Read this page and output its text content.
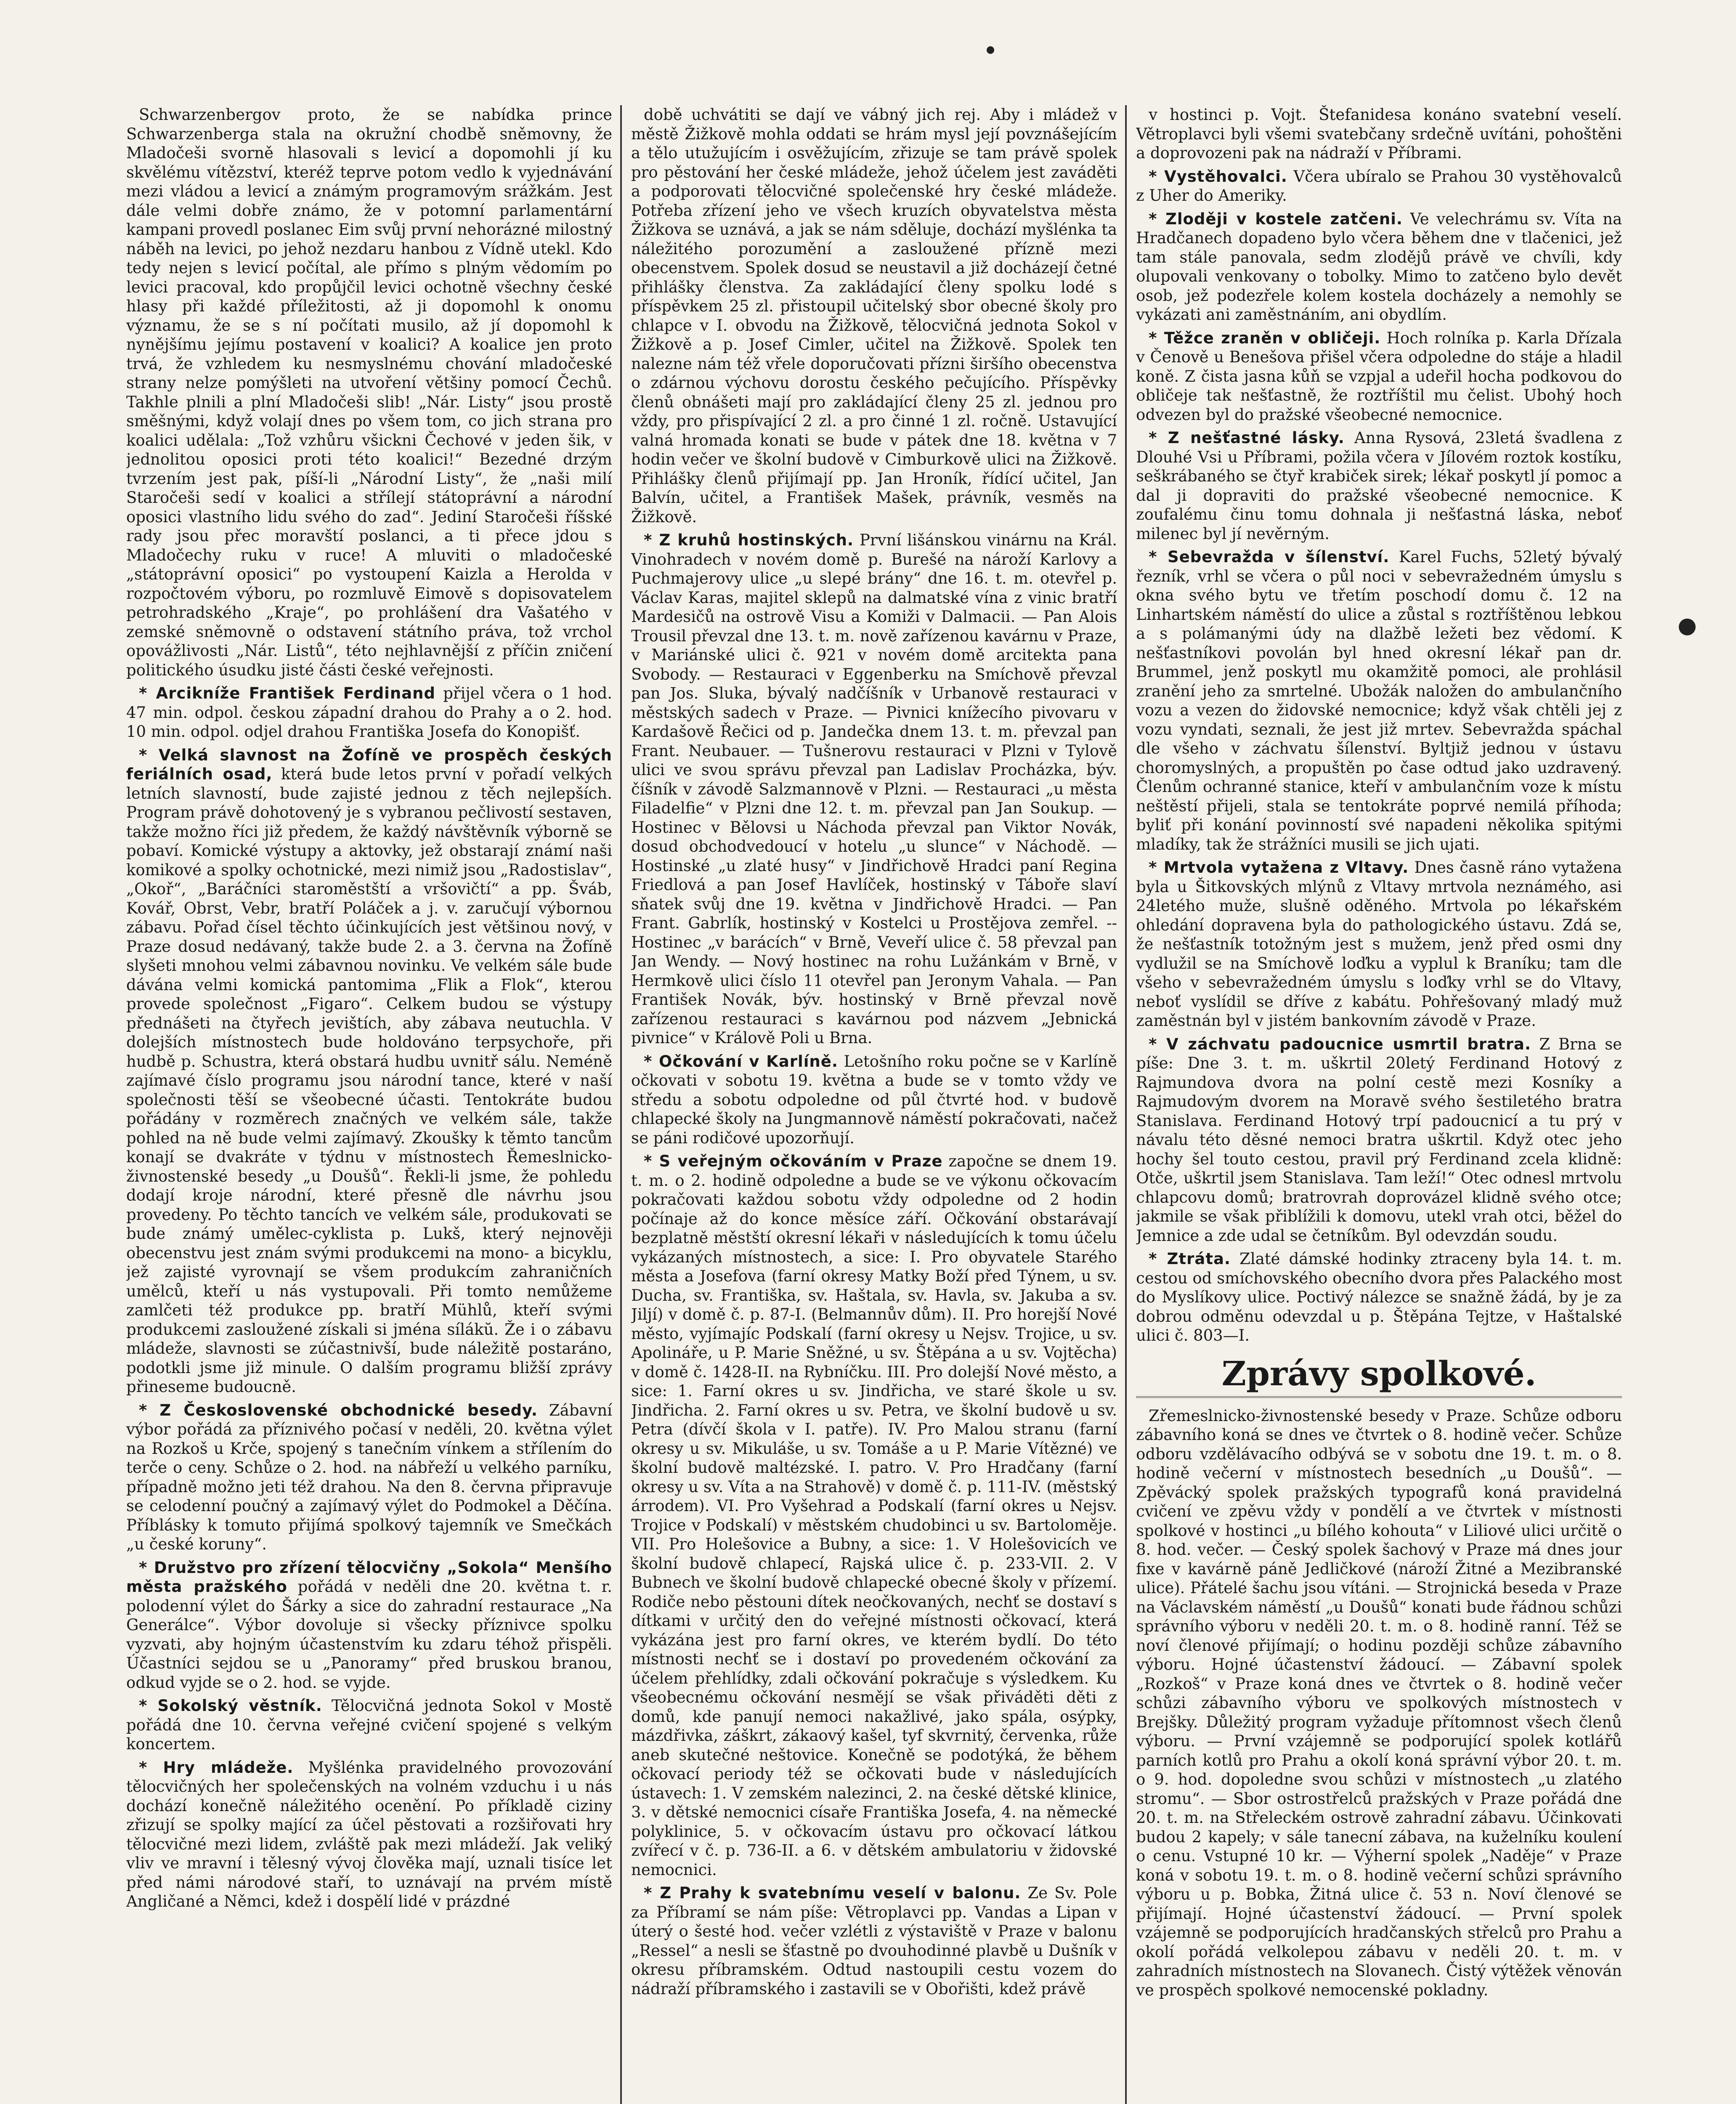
Schwarzenbergov proto, že se nabídka prince Schwarzenberga stala na okružní chodbě sněmovny, že Mladočeši svorně hlasovali s levicí a dopomohli jí ku skvělému vítězství, kteréž teprve potom vedlo k vyjednávání mezi vládou a levicí a známým programovým srážkám. Jest dále velmi dobře známo, že v potomní parlamentární kampani provedl poslanec Eim svůj první nehorázné milostný náběh na levici, po jehož nezdaru hanbou z Vídně utekl. Kdo tedy nejen s levicí počítal, ale přímo s plným vědomím po levici pracoval, kdo propůjčil levici ochotně všechny české hlasy při každé příležitosti, až ji dopomohl k onomu významu, že se s ní počítati musilo, až jí dopomohl k nynějšímu jejímu postavení v koalici? A koalice jen proto trvá, že vzhledem ku nesmyslnému chování mladočeské strany nelze pomýšleti na utvoření většiny pomocí Čechů. Takhle plnili a plní Mladočeši slib! „Nár. Listy“ jsou prostě směšnými, když volají dnes po všem tom, co jich strana pro koalici udělala: „Tož vzhůru všickni Čechové v jeden šik, v jednolitou oposici proti této koalici!“ Bezedné drzým tvrzením jest pak, píší-li „Národní Listy“, že „naši milí Staročeši sedí v koalici a střílejí státoprávní a národní oposici vlastního lidu svého do zad“. Jediní Staročeši říšské rady jsou přec moravští poslanci, a ti přece jdou s Mladočechy ruku v ruce! A mluviti o mladočeské „státoprávní oposici“ po vystoupení Kaizla a Herolda v rozpočtovém výboru, po rozmluvě Eimově s dopisovatelem petrohradského „Kraje“, po prohlášení dra Vašatého v zemské sněmovně o odstavení státního práva, tož vrchol opovážlivosti „Nár. Listů“, této nejhlavnější z příčin zničení politického úsudku jisté části české veřejnosti.

* Arcikníže František Ferdinand přijel včera o 1 hod. 47 min. odpol. českou západní drahou do Prahy a o 2. hod. 10 min. odpol. odjel drahou Františka Josefa do Konopišť.

* Velká slavnost na Žofíně ve prospěch českých feriálních osad, která bude letos první v pořadí velkých letních slavností, bude zajisté jednou z těch nejlepších. Program právě dohotovený je s vybranou pečlivostí sestaven, takže možno říci již předem, že každý návštěvník výborně se pobaví. Komické výstupy a aktovky, jež obstarají známí naši komikové a spolky ochotnické, mezi nimiž jsou „Radostislav“, „Okoř“, „Baráčníci staroměstští a vršovičtí“ a pp. Šváb, Kovář, Obrst, Vebr, bratří Poláček a j. v. zaručují výbornou zábavu. Pořad čísel těchto účinkujících jest většinou nový, v Praze dosud nedávaný, takže bude 2. a 3. června na Žofíně slyšeti mnohou velmi zábavnou novinku. Ve velkém sále bude dávána velmi komická pantomima „Flik a Flok“, kterou provede společnost „Figaro“. Celkem budou se výstupy přednášeti na čtyřech jevištích, aby zábava neutuchla. V dolejších místnostech bude holdováno terpsychoře, při hudbě p. Schustra, která obstará hudbu uvnitř sálu. Neméně zajímavé číslo programu jsou národní tance, které v naší společnosti těší se všeobecné účasti. Tentokráte budou pořádány v rozměrech značných ve velkém sále, takže pohled na ně bude velmi zajímavý. Zkoušky k těmto tancům konají se dvakráte v týdnu v místnostech Řemeslnicko-živnostenské besedy „u Doušů“. Řekli-li jsme, že pohledu dodají kroje národní, které přesně dle návrhu jsou provedeny. Po těchto tancích ve velkém sále, produkovati se bude známý umělec-cyklista p. Lukš, který nejnověji obecenstvu jest znám svými produkcemi na mono- a bicyklu, jež zajisté vyrovnají se všem produkcím zahraničních umělců, kteří u nás vystupovali. Při tomto nemůžeme zamlčeti též produkce pp. bratří Mühlů, kteří svými produkcemi zasloužené získali si jména sílákŭ. Že i o zábavu mládeže, slavnosti se zúčastnivší, bude náležitě postaráno, podotkli jsme již minule. O dalším programu bližší zprávy přineseme budoucně.

* Z Československé obchodnické besedy. Zábavní výbor pořádá za příznivého počasí v neděli, 20. května výlet na Rozkoš u Krče, spojený s tanečním vínkem a střílením do terče o ceny. Schůze o 2. hod. na nábřeží u velkého parníku, případně možno jeti též drahou. Na den 8. června připravuje se celodenní poučný a zajímavý výlet do Podmokel a Děčína. Příblásky k tomuto přijímá spolkový tajemník ve Smečkách „u české koruny“.

* Družstvo pro zřízení tělocvičny „Sokola“ Menšího města pražského pořádá v neděli dne 20. května t. r. polodenní výlet do Šárky a sice do zahradní restaurace „Na Generálce“. Výbor dovoluje si všecky příznivce spolku vyzvati, aby hojným účastenstvím ku zdaru téhož přispěli. Účastníci sejdou se u „Panoramy“ před bruskou branou, odkud vyjde se o 2. hod. se vyjde.

* Sokolský věstník. Tělocvičná jednota Sokol v Mostě pořádá dne 10. června veřejné cvičení spojené s velkým koncertem.

* Hry mládeže. Myšlénka pravidelného provozování tělocvičných her společenských na volném vzduchu i u nás dochází konečně náležitého ocenění. Po příkladě ciziny zřizují se spolky mající za účel pěstovati a rozšiřovati hry tělocvičné mezi lidem, zvláště pak mezi mládeží. Jak veliký vliv ve mravní i tělesný vývoj člověka mají, uznali tisíce let před námi národové staří, to uznávají na prvém místě Angličané a Němci, kdež i dospělí lidé v prázdné

době uchvátiti se dají ve vábný jich rej. Aby i mládež v městě Žižkově mohla oddati se hrám mysl její povznášejícím a tělo utužujícím i osvěžujícím, zřizuje se tam právě spolek pro pěstování her české mládeže, jehož účelem jest zaváděti a podporovati tělocvičné společenské hry české mládeže. Potřeba zřízení jeho ve všech kruzích obyvatelstva města Žižkova se uznává, a jak se nám sděluje, dochází myšlénka ta náležitého porozumění a zasloužené přízně mezi obecenstvem. Spolek dosud se neustavil a již docházejí četné přihlášky členstva. Za zakládající členy spolku lodé s příspěvkem 25 zl. přistoupil učitelský sbor obecné školy pro chlapce v I. obvodu na Žižkově, tělocvičná jednota Sokol v Žižkově a p. Josef Cimler, učitel na Žižkově. Spolek ten nalezne nám též vřele doporučovati přízni širšího obecenstva o zdárnou výchovu dorostu českého pečujícího. Příspěvky členů obnášeti mají pro zakládající členy 25 zl. jednou pro vždy, pro přispívající 2 zl. a pro činné 1 zl. ročně. Ustavující valná hromada konati se bude v pátek dne 18. května v 7 hodin večer ve školní budově v Cimburkově ulici na Žižkově. Přihlášky členů přijímají pp. Jan Hroník, řídící učitel, Jan Balvín, učitel, a František Mašek, právník, vesměs na Žižkově.

* Z kruhů hostinských. První lišánskou vinárnu na Král. Vinohradech v novém domě p. Burešé na nároží Karlovy a Puchmajerovy ulice „u slepé brány“ dne 16. t. m. otevřel p. Václav Karas, majitel sklepů na dalmatské vína z vinic bratří Mardesičů na ostrově Visu a Komiži v Dalmacii. — Pan Alois Trousil převzal dne 13. t. m. nově zařízenou kavárnu v Praze, v Mariánské ulici č. 921 v novém domě arcitekta pana Svobody. — Restauraci v Eggenberku na Smíchově převzal pan Jos. Sluka, bývalý nadčíšník v Urbanově restauraci v městských sadech v Praze. — Pivnici knížecího pivovaru v Kardašově Řečici od p. Jandečka dnem 13. t. m. převzal pan Frant. Neubauer. — Tušnerovu restauraci v Plzni v Tylově ulici ve svou správu převzal pan Ladislav Procházka, býv. číšník v závodě Salzmannově v Plzni. — Restauraci „u města Filadelfie“ v Plzni dne 12. t. m. převzal pan Jan Soukup. — Hostinec v Bělovsi u Náchoda převzal pan Viktor Novák, dosud obchodvedoucí v hotelu „u slunce“ v Náchodě. — Hostinské „u zlaté husy“ v Jindřichově Hradci paní Regina Friedlová a pan Josef Havlíček, hostinský v Táboře slaví sňatek svůj dne 19. května v Jindřichově Hradci. — Pan Frant. Gabrlík, hostinský v Kostelci u Prostějova zemřel. -- Hostinec „v barácích“ v Brně, Veveří ulice č. 58 převzal pan Jan Wendy. — Nový hostinec na rohu Lužánkám v Brně, v Hermkově ulici číslo 11 otevřel pan Jeronym Vahala. — Pan František Novák, býv. hostinský v Brně převzal nově zařízenou restauraci s kavárnou pod názvem „Jebnická pivnice“ v Králově Poli u Brna.

* Očkování v Karlíně. Letošního roku počne se v Karlíně očkovati v sobotu 19. května a bude se v tomto vždy ve středu a sobotu odpoledne od půl čtvrté hod. v budově chlapecké školy na Jungmannově náměstí pokračovati, načež se páni rodičové upozorňují.

* S veřejným očkováním v Praze započne se dnem 19. t. m. o 2. hodině odpoledne a bude se ve výkonu očkovacím pokračovati každou sobotu vždy odpoledne od 2 hodin počínaje až do konce měsíce září. Očkování obstarávají bezplatně městští okresní lékaři v následujících k tomu účelu vykázaných místnostech, a sice: I. Pro obyvatele Starého města a Josefova (farní okresy Matky Boží před Týnem, u sv. Ducha, sv. Františka, sv. Haštala, sv. Havla, sv. Jakuba a sv. Jiljí) v domě č. p. 87-I. (Belmannův dům). II. Pro horejší Nové město, vyjímajíc Podskalí (farní okresy u Nejsv. Trojice, u sv. Apolináře, u P. Marie Sněžné, u sv. Štěpána a u sv. Vojtěcha) v domě č. 1428-II. na Rybníčku. III. Pro dolejší Nové město, a sice: 1. Farní okres u sv. Jindřicha, ve staré škole u sv. Jindřicha. 2. Farní okres u sv. Petra, ve školní budově u sv. Petra (dívčí škola v I. patře). IV. Pro Malou stranu (farní okresy u sv. Mikuláše, u sv. Tomáše a u P. Marie Vítězné) ve školní budově maltézské. I. patro. V. Pro Hradčany (farní okresy u sv. Víta a na Strahově) v domě č. p. 111-IV. (městský árrodem). VI. Pro Vyšehrad a Podskalí (farní okres u Nejsv. Trojice v Podskalí) v městském chudobinci u sv. Bartoloměje. VII. Pro Holešovice a Bubny, a sice: 1. V Holešovicích ve školní budově chlapecí, Rajská ulice č. p. 233-VII. 2. V Bubnech ve školní budově chlapecké obecné školy v přízemí. Rodiče nebo pěstouni dítek neočkovaných, nechť se dostaví s dítkami v určitý den do veřejné místnosti očkovací, která vykázána jest pro farní okres, ve kterém bydlí. Do této místnosti nechť se i dostaví po provedeném očkování za účelem přehlídky, zdali očkování pokračuje s výsledkem. Ku všeobecnému očkování nesmějí se však přiváděti děti z domů, kde panují nemoci nakažlivé, jako spála, osýpky, mázdřivka, záškrt, zákaový kašel, tyf skvrnitý, červenka, růže aneb skutečné neštovice. Konečně se podotýká, že během očkovací periody též se očkovati bude v následujících ústavech: 1. V zemském nalezinci, 2. na české dětské klinice, 3. v dětské nemocnici císaře Františka Josefa, 4. na německé polyklinice, 5. v očkovacím ústavu pro očkovací látkou zvířecí v č. p. 736-II. a 6. v dětském ambulatoriu v židovské nemocnici.

* Z Prahy k svatebnímu veselí v balonu. Ze Sv. Pole za Příbramí se nám píše: Větroplavci pp. Vandas a Lipan v úterý o šesté hod. večer vzlétli z výstaviště v Praze v balonu „Ressel“ a nesli se šťastně po dvouhodinné plavbě u Dušník v okresu příbramském. Odtud nastoupili cestu vozem do nádraží příbramského i zastavili se v Obořišti, kdež právě

v hostinci p. Vojt. Štefanidesa konáno svatební veselí. Větroplavci byli všemi svatebčany srdečně uvítáni, pohoštěni a doprovozeni pak na nádraží v Příbrami.

* Vystěhovalci. Včera ubíralo se Prahou 30 vystěhovalců z Uher do Ameriky.

* Zloději v kostele zatčeni. Ve velechrámu sv. Víta na Hradčanech dopadeno bylo včera během dne v tlačenici, jež tam stále panovala, sedm zlodějů právě ve chvíli, kdy olupovali venkovany o tobolky. Mimo to zatčeno bylo devět osob, jež podezřele kolem kostela docházely a nemohly se vykázati ani zaměstnáním, ani obydlím.

* Těžce zraněn v obličeji. Hoch rolníka p. Karla Dřízala v Čenově u Benešova přišel včera odpoledne do stáje a hladil koně. Z čista jasna kůň se vzpjal a udeřil hocha podkovou do obličeje tak nešťastně, že roztříštil mu čelist. Ubohý hoch odvezen byl do pražské všeobecné nemocnice.

* Z nešťastné lásky. Anna Rysová, 23letá švadlena z Dlouhé Vsi u Příbrami, požila včera v Jílovém roztok kostíku, seškrábaného se čtyř krabiček sirek; lékař poskytl jí pomoc a dal ji dopraviti do pražské všeobecné nemocnice. K zoufalému činu tomu dohnala ji nešťastná láska, neboť milenec byl jí nevěrným.

* Sebevražda v šílenství. Karel Fuchs, 52letý bývalý řezník, vrhl se včera o půl noci v sebevražedném úmyslu s okna svého bytu ve třetím poschodí domu č. 12 na Linhartském náměstí do ulice a zůstal s roztříštěnou lebkou a s polámanými údy na dlažbě ležeti bez vědomí. K nešťastníkovi povolán byl hned okresní lékař pan dr. Brummel, jenž poskytl mu okamžitě pomoci, ale prohlásil zranění jeho za smrtelné. Ubožák naložen do ambulančního vozu a vezen do židovské nemocnice; když však chtěli jej z vozu vyndati, seznali, že jest již mrtev. Sebevražda spáchal dle všeho v záchvatu šílenství. Byltjiž jednou v ústavu choromyslných, a propuštěn po čase odtud jako uzdravený. Členům ochranné stanice, kteří v ambulančním voze k místu neštěstí přijeli, stala se tentokráte poprvé nemilá příhoda; byliť při konání povinností své napadeni několika spitými mladíky, tak že strážníci musili se jich ujati.

* Mrtvola vytažena z Vltavy. Dnes časně ráno vytažena byla u Šitkovských mlýnů z Vltavy mrtvola neznámého, asi 24letého muže, slušně oděného. Mrtvola po lékařském ohledání dopravena byla do pathologického ústavu. Zdá se, že nešťastník totožným jest s mužem, jenž před osmi dny vydlužil se na Smíchově loďku a vyplul k Braníku; tam dle všeho v sebevražedném úmyslu s loďky vrhl se do Vltavy, neboť vyslídil se dříve z kabátu. Pohřešovaný mladý muž zaměstnán byl v jistém bankovním závodě v Praze.

* V záchvatu padoucnice usmrtil bratra. Z Brna se píše: Dne 3. t. m. uškrtil 20letý Ferdinand Hotový z Rajmundova dvora na polní cestě mezi Kosníky a Rajmudovým dvorem na Moravě svého šestiletého bratra Stanislava. Ferdinand Hotový trpí padoucnicí a tu prý v návalu této děsné nemoci bratra uškrtil. Když otec jeho hochy šel touto cestou, pravil prý Ferdinand zcela klidně: Otče, uškrtil jsem Stanislava. Tam leží!“ Otec odnesl mrtvolu chlapcovu domů; bratrovrah doprovázel klidně svého otce; jakmile se však přiblížili k domovu, utekl vrah otci, běžel do Jemnice a zde udal se četníkům. Byl odevzdán soudu.

* Ztráta. Zlaté dámské hodinky ztraceny byla 14. t. m. cestou od smíchovského obecního dvora přes Palackého most do Myslíkovy ulice. Poctivý nálezce se snažně žádá, by je za dobrou odměnu odevzdal u p. Štěpána Tejtze, v Haštalské ulici č. 803—I.

Zprávy spolkové.

Zřemeslnicko-živnostenské besedy v Praze. Schůze odboru zábavního koná se dnes ve čtvrtek o 8. hodině večer. Schůze odboru vzdělávacího odbývá se v sobotu dne 19. t. m. o 8. hodině večerní v místnostech besedních „u Doušů“. — Zpěvácký spolek pražských typografů koná pravidelná cvičení ve zpěvu vždy v pondělí a ve čtvrtek v místnosti spolkové v hostinci „u bílého kohouta“ v Liliové ulici určitě o 8. hod. večer. — Český spolek šachový v Praze má dnes jour fixe v kavárně páně Jedličkové (nároží Žitné a Mezibranské ulice). Přátelé šachu jsou vítáni. — Strojnická beseda v Praze na Václavském náměstí „u Doušů“ konati bude řádnou schůzi správního výboru v neděli 20. t. m. o 8. hodině ranní. Též se noví členové přijímají; o hodinu později schůze zábavního výboru. Hojné účastenství žádoucí. — Zábavní spolek „Rozkoš“ v Praze koná dnes ve čtvrtek o 8. hodině večer schůzi zábavního výboru ve spolkových místnostech v Brejšky. Důležitý program vyžaduje přítomnost všech členů výboru. — První vzájemně se podporující spolek kotlářů parních kotlů pro Prahu a okolí koná správní výbor 20. t. m. o 9. hod. dopoledne svou schůzi v místnostech „u zlatého stromu“. — Sbor ostrostřelců pražských v Praze pořádá dne 20. t. m. na Střeleckém ostrově zahradní zábavu. Účinkovati budou 2 kapely; v sále tanecní zábava, na kuželníku koulení o cenu. Vstupné 10 kr. — Výherní spolek „Naděje“ v Praze koná v sobotu 19. t. m. o 8. hodině večerní schůzi správního výboru u p. Bobka, Žitná ulice č. 53 n. Noví členové se přijímají. Hojné účastenství žádoucí. — První spolek vzájemně se podporujících hradčanských střelců pro Prahu a okolí pořádá velkolepou zábavu v neděli 20. t. m. v zahradních místnostech na Slovanech. Čistý výtěžek věnován ve prospěch spolkové nemocenské pokladny.
